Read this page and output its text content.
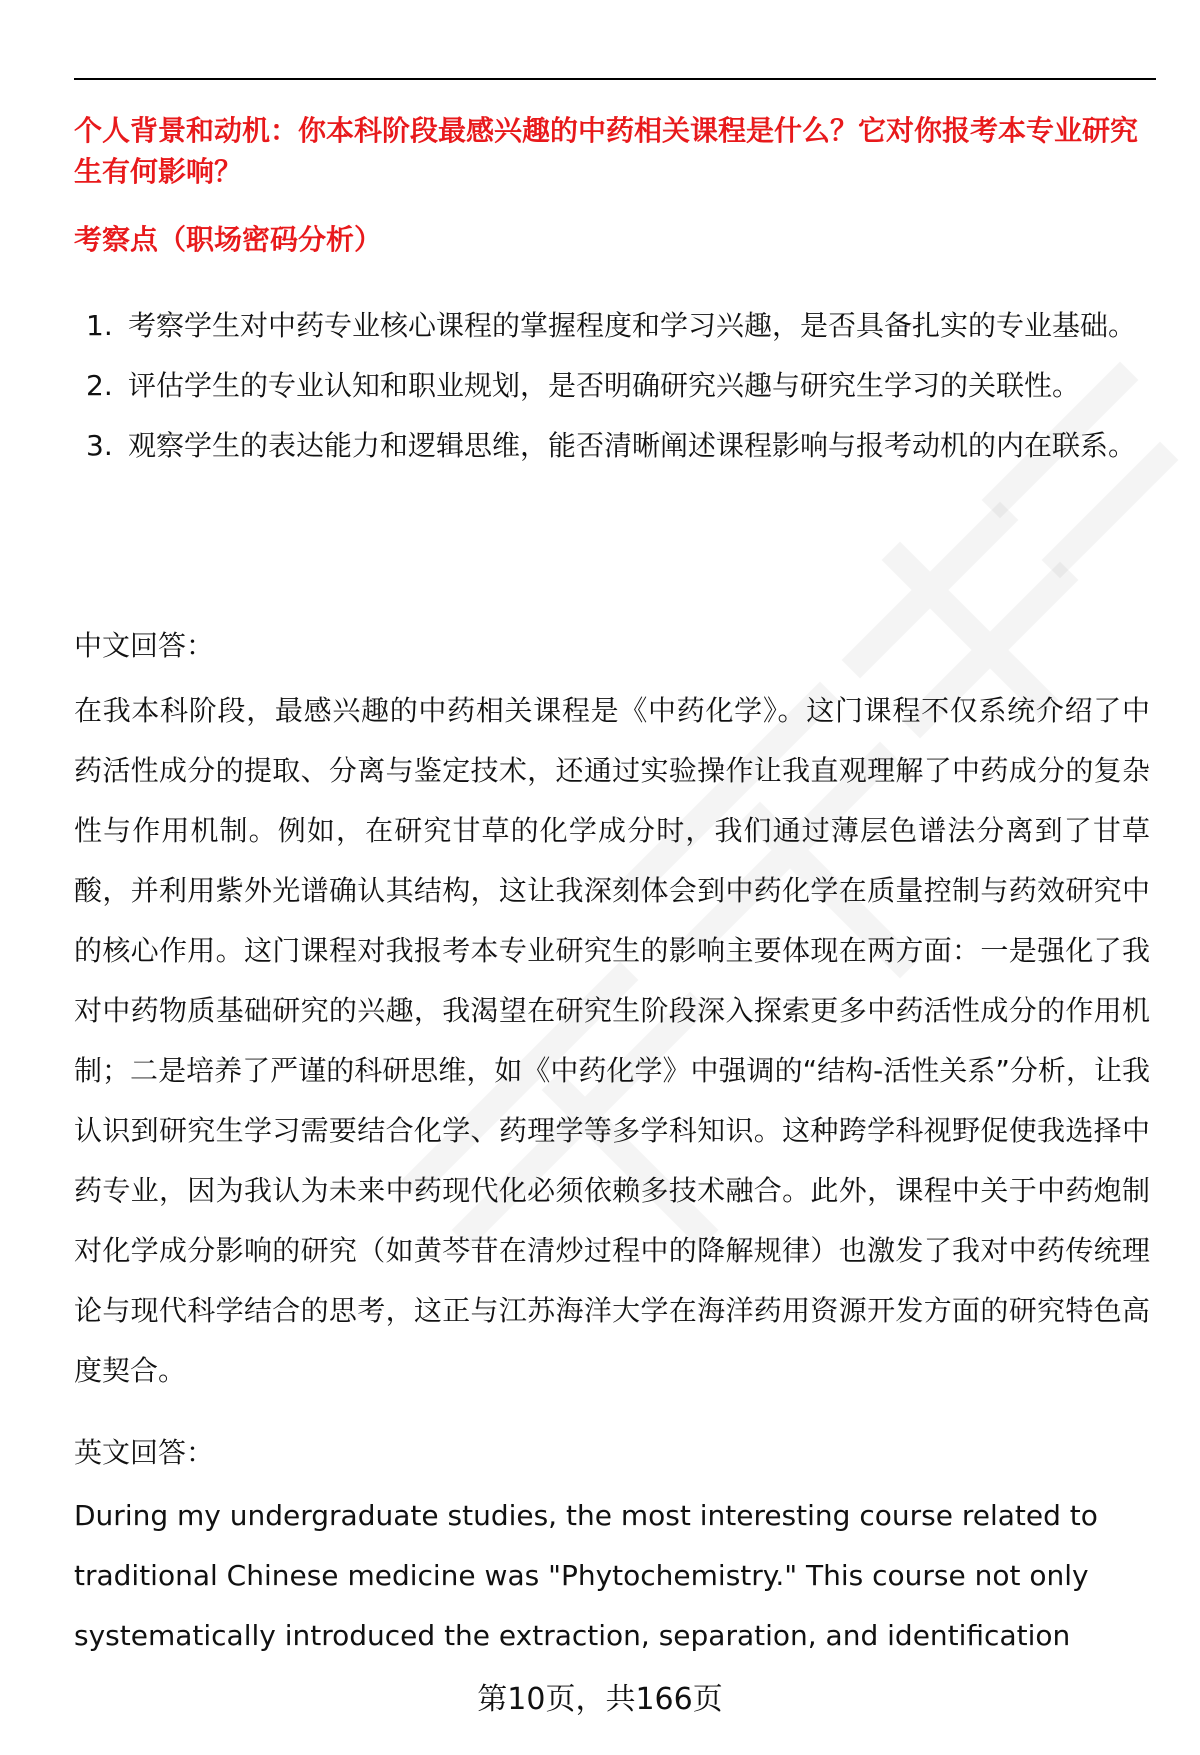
个人背景和动机：你本科阶段最感兴趣的中药相关课程是什么？它对你报考本专业研究生有何影响？

考察点（职场密码分析）

1. 考察学生对中药专业核心课程的掌握程度和学习兴趣，是否具备扎实的专业基础。
2. 评估学生的专业认知和职业规划，是否明确研究兴趣与研究生学习的关联性。
3. 观察学生的表达能力和逻辑思维，能否清晰阐述课程影响与报考动机的内在联系。

中文回答：

在我本科阶段，最感兴趣的中药相关课程是《中药化学》。这门课程不仅系统介绍了中药活性成分的提取、分离与鉴定技术，还通过实验操作让我直观理解了中药成分的复杂性与作用机制。例如，在研究甘草的化学成分时，我们通过薄层色谱法分离到了甘草酸，并利用紫外光谱确认其结构，这让我深刻体会到中药化学在质量控制与药效研究中的核心作用。这门课程对我报考本专业研究生的影响主要体现在两方面：一是强化了我对中药物质基础研究的兴趣，我渴望在研究生阶段深入探索更多中药活性成分的作用机制；二是培养了严谨的科研思维，如《中药化学》中强调的“结构-活性关系”分析，让我认识到研究生学习需要结合化学、药理学等多学科知识。这种跨学科视野促使我选择中药专业，因为我认为未来中药现代化必须依赖多技术融合。此外，课程中关于中药炮制对化学成分影响的研究（如黄芩苷在清炒过程中的降解规律）也激发了我对中药传统理论与现代科学结合的思考，这正与江苏海洋大学在海洋药用资源开发方面的研究特色高度契合。

英文回答：

During my undergraduate studies, the most interesting course related to traditional Chinese medicine was "Phytochemistry." This course not only systematically introduced the extraction, separation, and identification

第10页，共166页
